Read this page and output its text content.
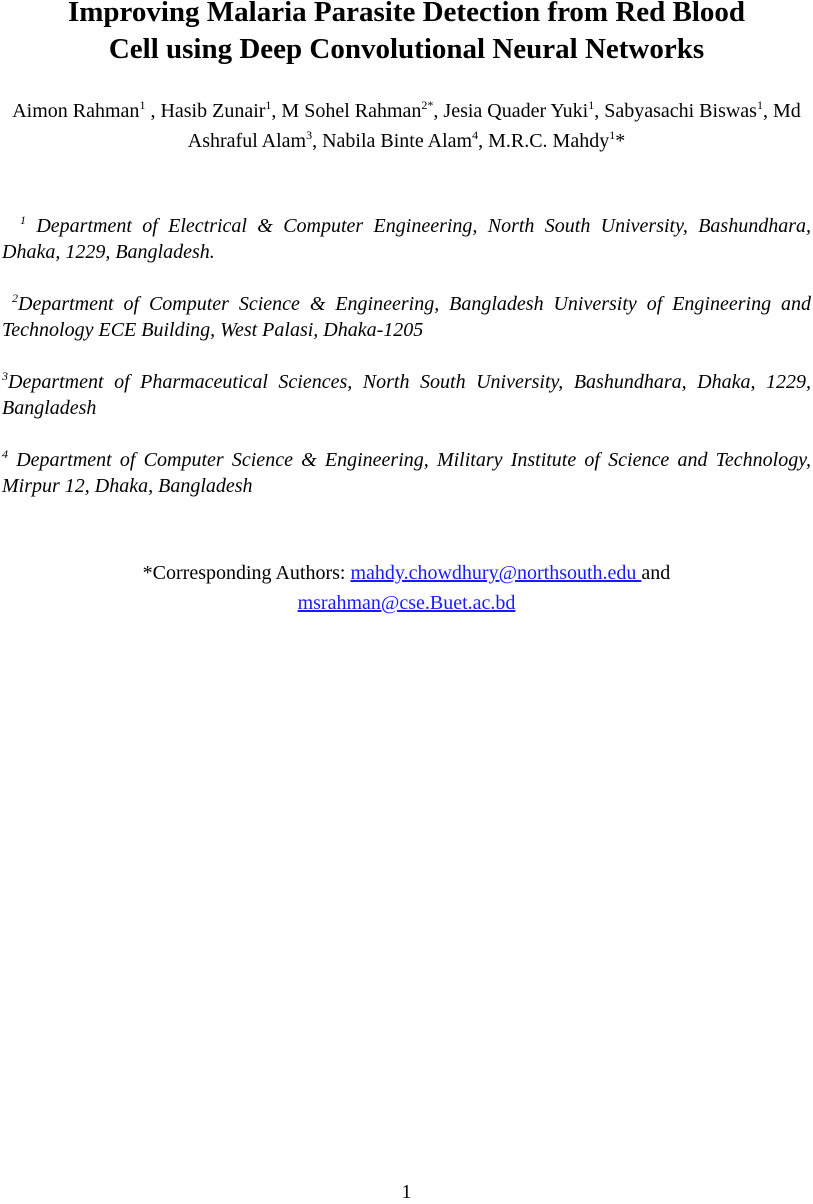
Improving Malaria Parasite Detection from Red Blood
Cell using Deep Convolutional Neural Networks

Aimon Rahman$^1$ , Hasib Zunair$^1$, M Sohel Rahman$^{2*}$, Jesia Quader Yuki$^1$, Sabyasachi Biswas$^1$, Md Ashraful Alam$^3$, Nabila Binte Alam$^4$, M.R.C. Mahdy$^1$*

$^1$ Department of Electrical & Computer Engineering, North South University, Bashundhara, Dhaka, 1229, Bangladesh.

$^2$Department of Computer Science & Engineering, Bangladesh University of Engineering and Technology ECE Building, West Palasi, Dhaka-1205

$^3$Department of Pharmaceutical Sciences, North South University, Bashundhara, Dhaka, 1229, Bangladesh

$^4$ Department of Computer Science & Engineering, Military Institute of Science and Technology, Mirpur 12, Dhaka, Bangladesh

*Corresponding Authors: mahdy.chowdhury@northsouth.edu and
msrahman@cse.Buet.ac.bd

1
